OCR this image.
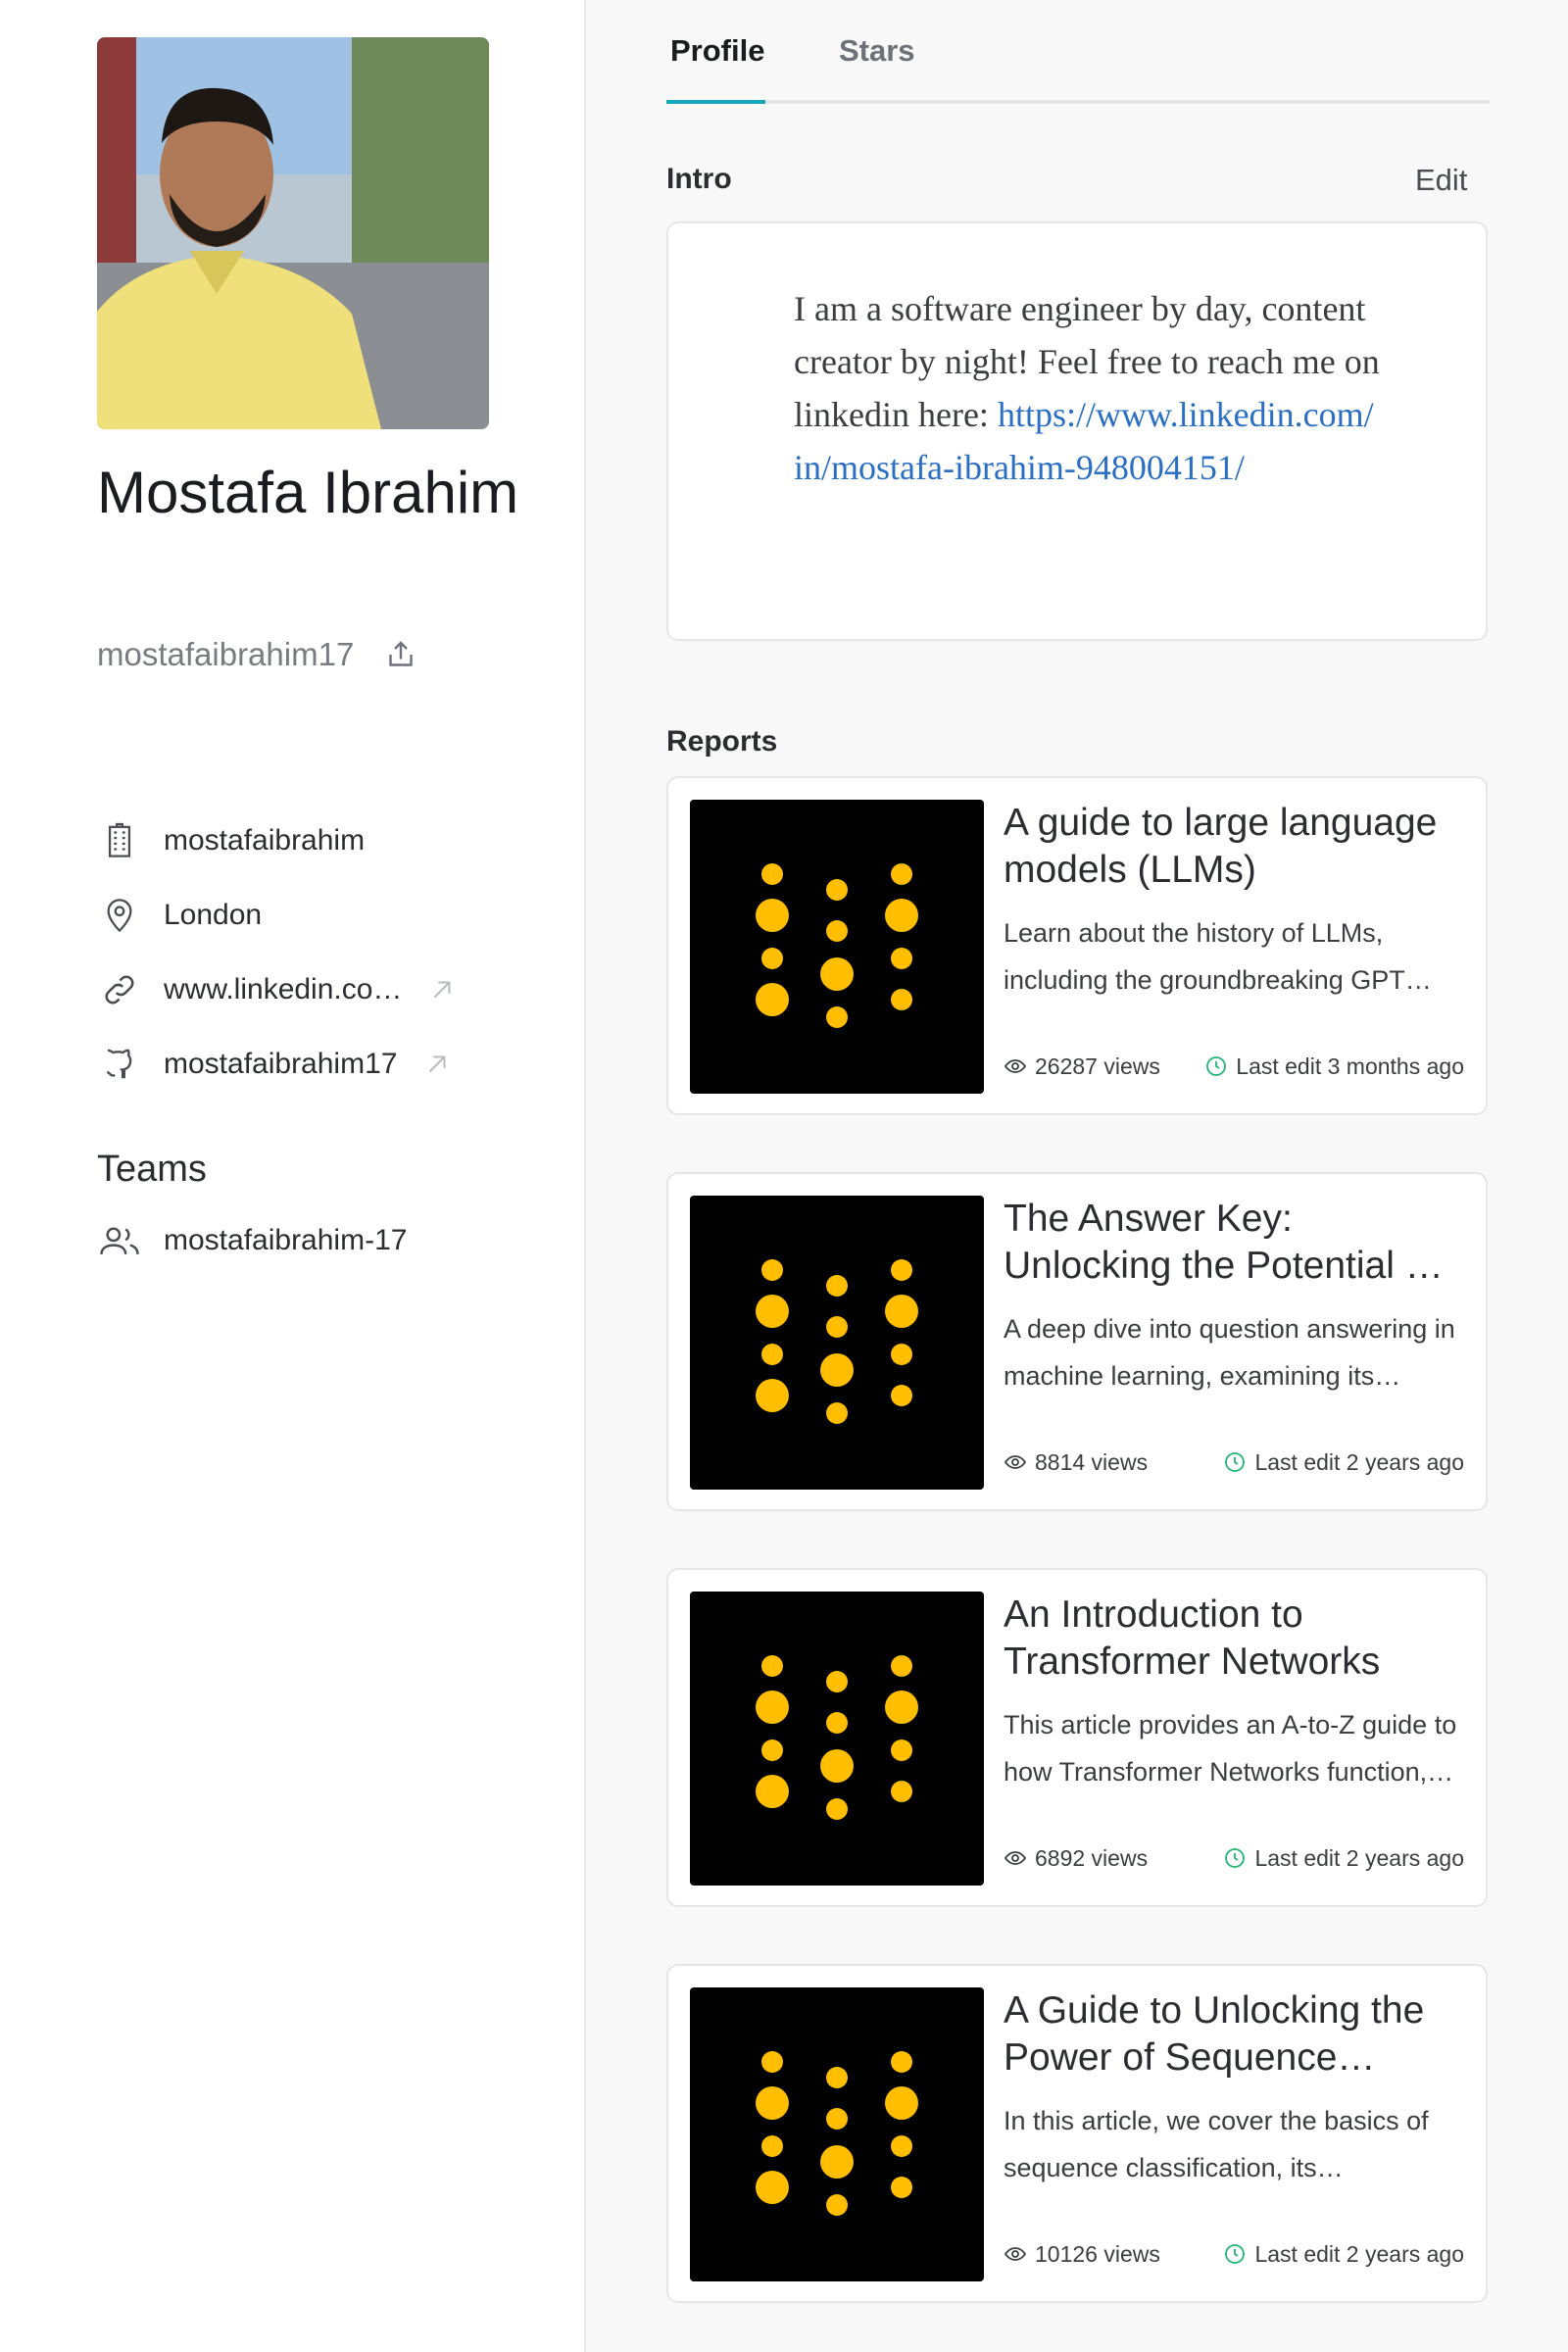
Mostafa Ibrahim
mostafaibrahim17
mostafaibrahim
London
www.linkedin.co…
mostafaibrahim17
Teams
mostafaibrahim-17
Profile Stars
Intro	Edit

I am a software engineer by day, content creator by night! Feel free to reach me on linkedin here: https://www.linkedin.com/in/mostafa-ibrahim-948004151/

Reports
A guide to large language models (LLMs)
Learn about the history of LLMs, including the groundbreaking GPT…
26287 views	Last edit 3 months ago
The Answer Key: Unlocking the Potential of
A deep dive into question answering in machine learning, examining its…
8814 views	Last edit 2 years ago
An Introduction to Transformer Networks
This article provides an A-to-Z guide to how Transformer Networks function,…
6892 views	Last edit 2 years ago
A Guide to Unlocking the Power of Sequence…
In this article, we cover the basics of sequence classification, its…
10126 views	Last edit 2 years ago
